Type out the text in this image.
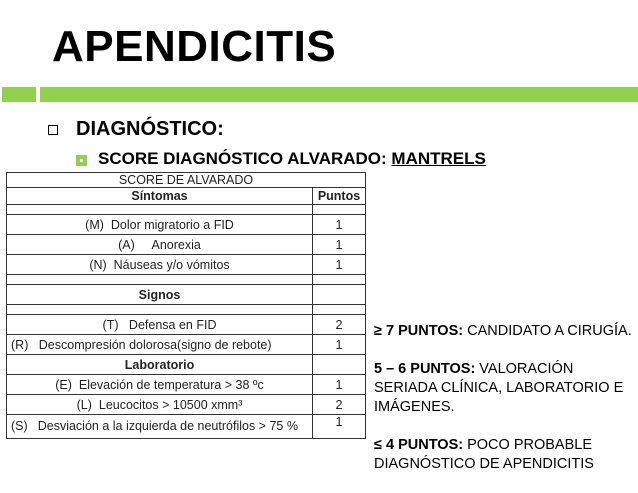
APENDICITIS
DIAGNÓSTICO:
SCORE DIAGNÓSTICO ALVARADO: MANTRELS
SCORE DE ALVARADO	
Síntomas	Puntos

(M) Dolor migratorio a FID	1
(A) Anorexia	1
(N) Náuseas y/o vómitos	1

Signos	

(T) Defensa en FID	2
(R) Descompresión dolorosa(signo de rebote)	1
Laboratorio	
(E) Elevación de temperatura > 38 ºc	1
(L) Leucocitos > 10500 xmm³	2

(S) Desviación a la izquierda de neutrófilos > 75 %	1

≥ 7 PUNTOS: CANDIDATO A CIRUGÍA.

5 – 6 PUNTOS: VALORACIÓN SERIADA CLÍNICA, LABORATORIO E IMÁGENES.

≤ 4 PUNTOS: POCO PROBABLE DIAGNÓSTICO DE APENDICITIS
